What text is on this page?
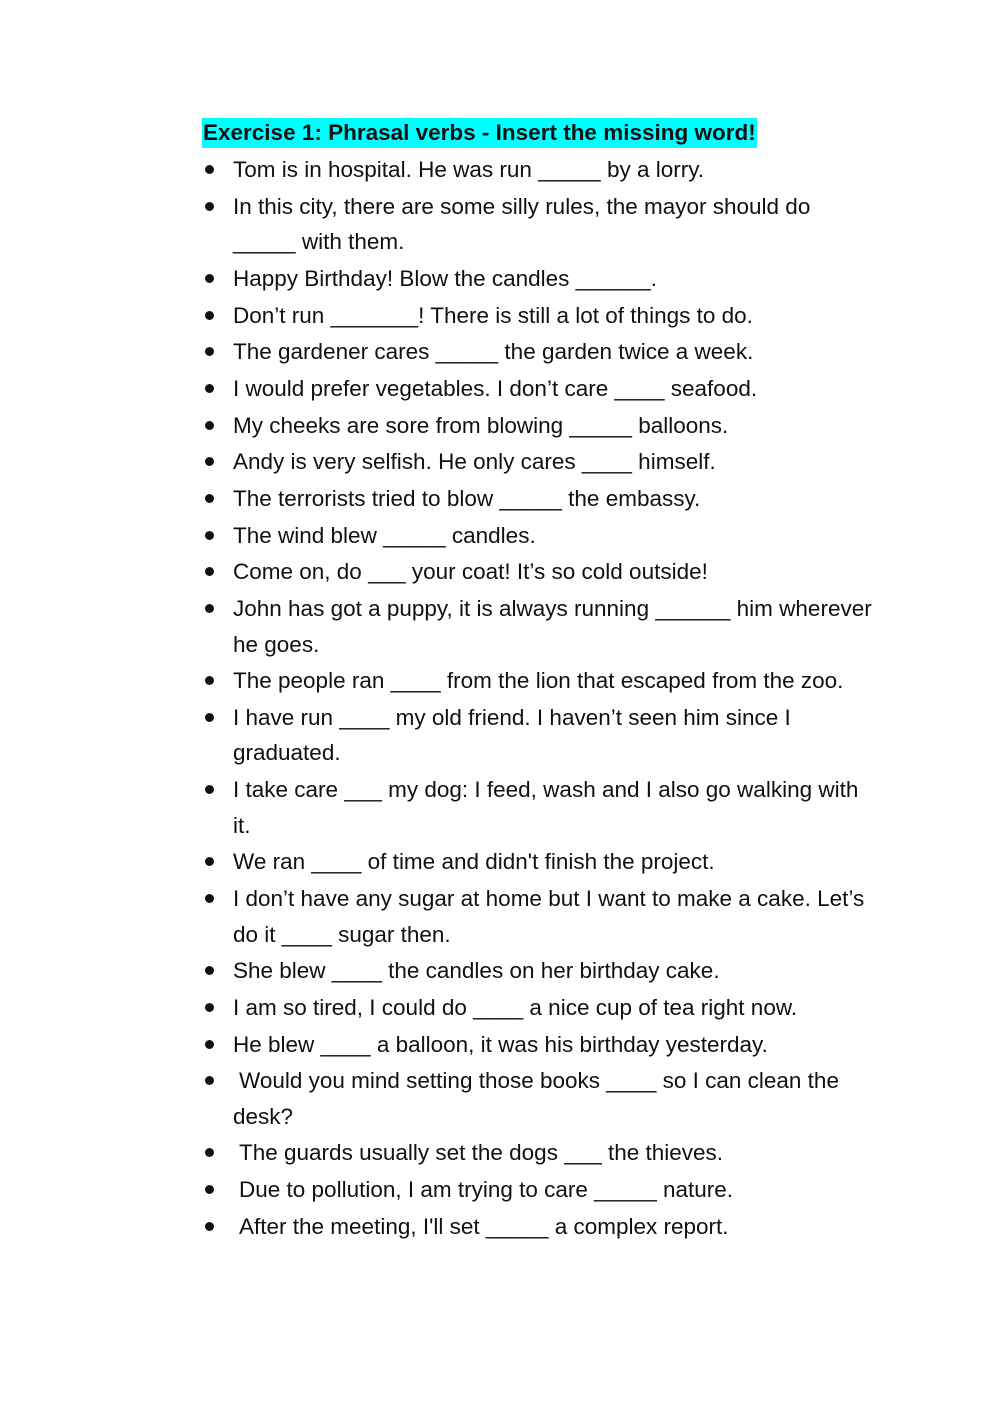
Exercise 1: Phrasal verbs - Insert the missing word!
Tom is in hospital. He was run _____ by a lorry.
In this city, there are some silly rules, the mayor should do _____ with them.
Happy Birthday! Blow the candles ______.
Don’t run _______! There is still a lot of things to do.
The gardener cares _____ the garden twice a week.
I would prefer vegetables. I don’t care ____ seafood.
My cheeks are sore from blowing _____ balloons.
Andy is very selfish. He only cares ____ himself.
The terrorists tried to blow _____ the embassy.
The wind blew _____ candles.
Come on, do ___ your coat! It’s so cold outside!
John has got a puppy, it is always running ______ him wherever he goes.
The people ran ____ from the lion that escaped from the zoo.
I have run ____ my old friend. I haven’t seen him since I graduated.
I take care ___ my dog: I feed, wash and I also go walking with it.
We ran ____ of time and didn't finish the project.
I don’t have any sugar at home but I want to make a cake. Let’s do it ____ sugar then.
She blew ____ the candles on her birthday cake.
I am so tired, I could do ____ a nice cup of tea right now.
He blew ____ a balloon, it was his birthday yesterday.
Would you mind setting those books ____ so I can clean the desk?
The guards usually set the dogs ___ the thieves.
Due to pollution, I am trying to care _____ nature.
After the meeting, I'll set _____ a complex report.
